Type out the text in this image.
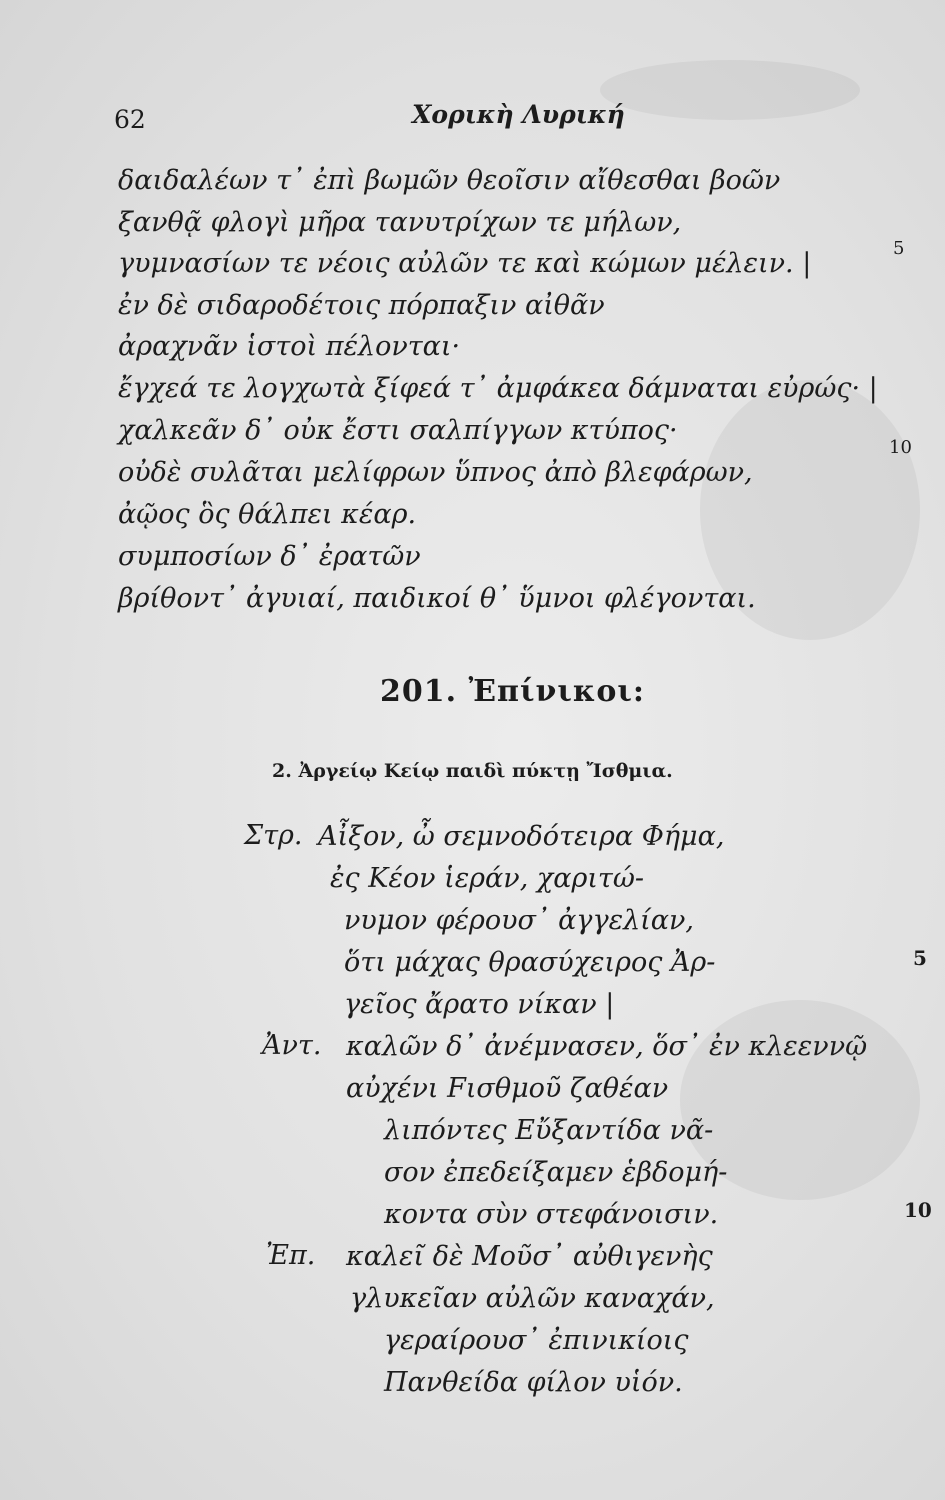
62	Χορικὴ Λυρική
δαιδαλέων τ᾽ ἐπὶ βωμῶν θεοῖσιν αἴθεσθαι βοῶν
ξανθᾷ φλογὶ μῆρα τανυτρίχων τε μήλων,
γυμνασίων τε νέοις αὐλῶν τε καὶ κώμων μέλειν. |	5
ἐν δὲ σιδαροδέτοις πόρπαξιν αἰθᾶν
ἀραχνᾶν ἱστοὶ πέλονται·
ἔγχεά τε λογχωτὰ ξίφεά τ᾽ ἀμφάκεα δάμναται εὐρώς· |
χαλκεᾶν δ᾽ οὐκ ἔστι σαλπίγγων κτύπος·
οὐδὲ συλᾶται μελίφρων ὕπνος ἀπὸ βλεφάρων,
10
ἀῷος ὃς θάλπει κέαρ.
συμποσίων δ᾽ ἐρατῶν
βρίθοντ᾽ ἀγυιαί, παιδικοί θ᾽ ὕμνοι φλέγονται.
201. Ἐπίνικοι:
2. Ἀργείῳ Κείῳ παιδὶ πύκτῃ Ἴσθμια.
Στρ. Αἶξον, ὦ σεμνοδότειρα Φήμα,
ἐς Κέον ἱεράν, χαριτώ-
νυμον φέρουσ᾽ ἀγγελίαν,
ὅτι μάχας θρασύχειρος Ἀρ-	5
γεῖος ἄρατο νίκαν |
Ἀντ. καλῶν δ᾽ ἀνέμνασεν, ὅσ᾽ ἐν κλεεννῷ
αὐχένι Fισθμοῦ ζαθέαν
λιπόντες Εὔξαντίδα νᾶ-
σον ἐπεδείξαμεν ἑβδομή-
κοντα σὺν στεφάνοισιν.	10
Ἐπ. καλεῖ δὲ Μοῦσ᾽ αὐθιγενὴς
γλυκεῖαν αὐλῶν καναχάν,
γεραίρουσ᾽ ἐπινικίοις
Πανθείδα φίλον υἱόν.
